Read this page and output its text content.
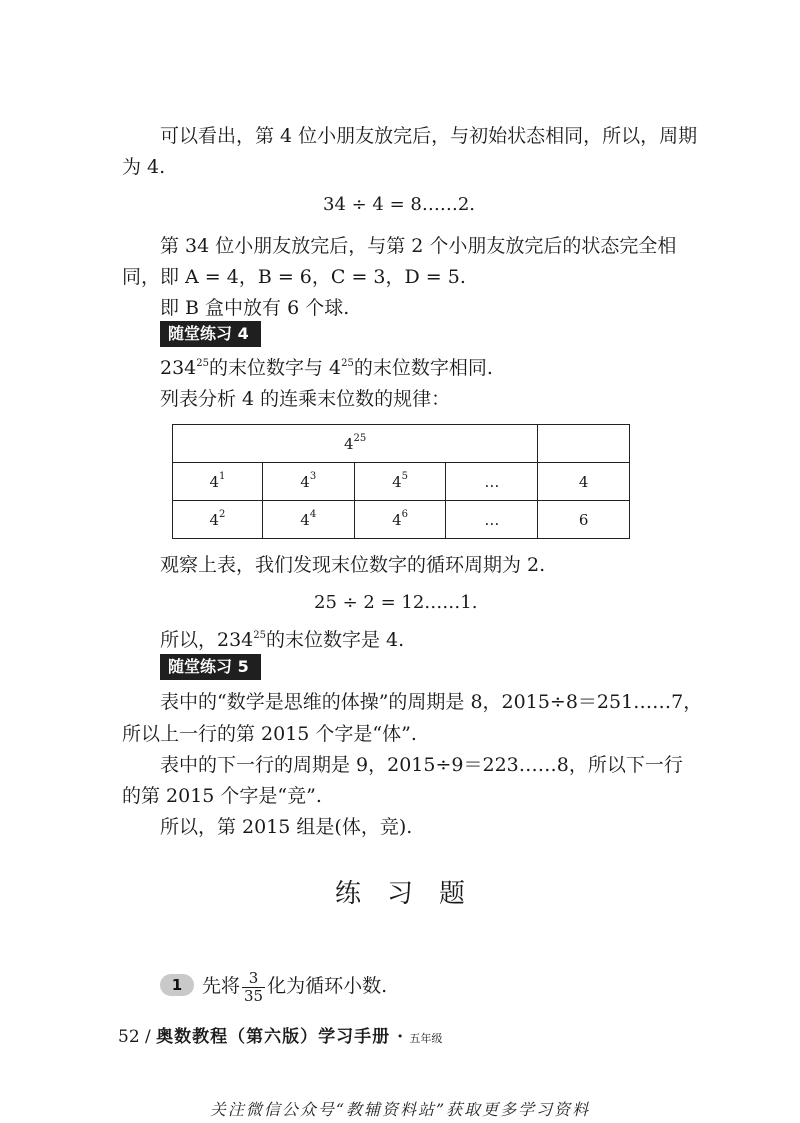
可以看出，第 4 位小朋友放完后，与初始状态相同，所以，周期
为 4.
34 ÷ 4 = 8……2.
第 34 位小朋友放完后，与第 2 个小朋友放完后的状态完全相
同，即 A = 4，B = 6，C = 3，D = 5.
即 B 盒中放有 6 个球.
随堂练习 4
$234^{25}$的末位数字与 $4^{25}$的末位数字相同.
列表分析 4 的连乘末位数的规律：
$4^{25}$	
$4^1$	$4^3$	$4^5$	…	4
$4^2$	$4^4$	$4^6$	…	6
观察上表，我们发现末位数字的循环周期为 2.
25 ÷ 2 = 12……1.
所以，$234^{25}$的末位数字是 4.
随堂练习 5
表中的“数学是思维的体操”的周期是 8，2015÷8＝251……7，
所以上一行的第 2015 个字是“体”.
表中的下一行的周期是 9，2015÷9＝223……8，所以下一行
的第 2015 个字是“竞”.
所以，第 2015 组是(体，竞).
练　习　题
1	先将 $\frac{3}{35}$ 化为循环小数.
52 / 奥数教程（第六版）学习手册 · 五年级
关注微信公众号“教辅资料站”获取更多学习资料
